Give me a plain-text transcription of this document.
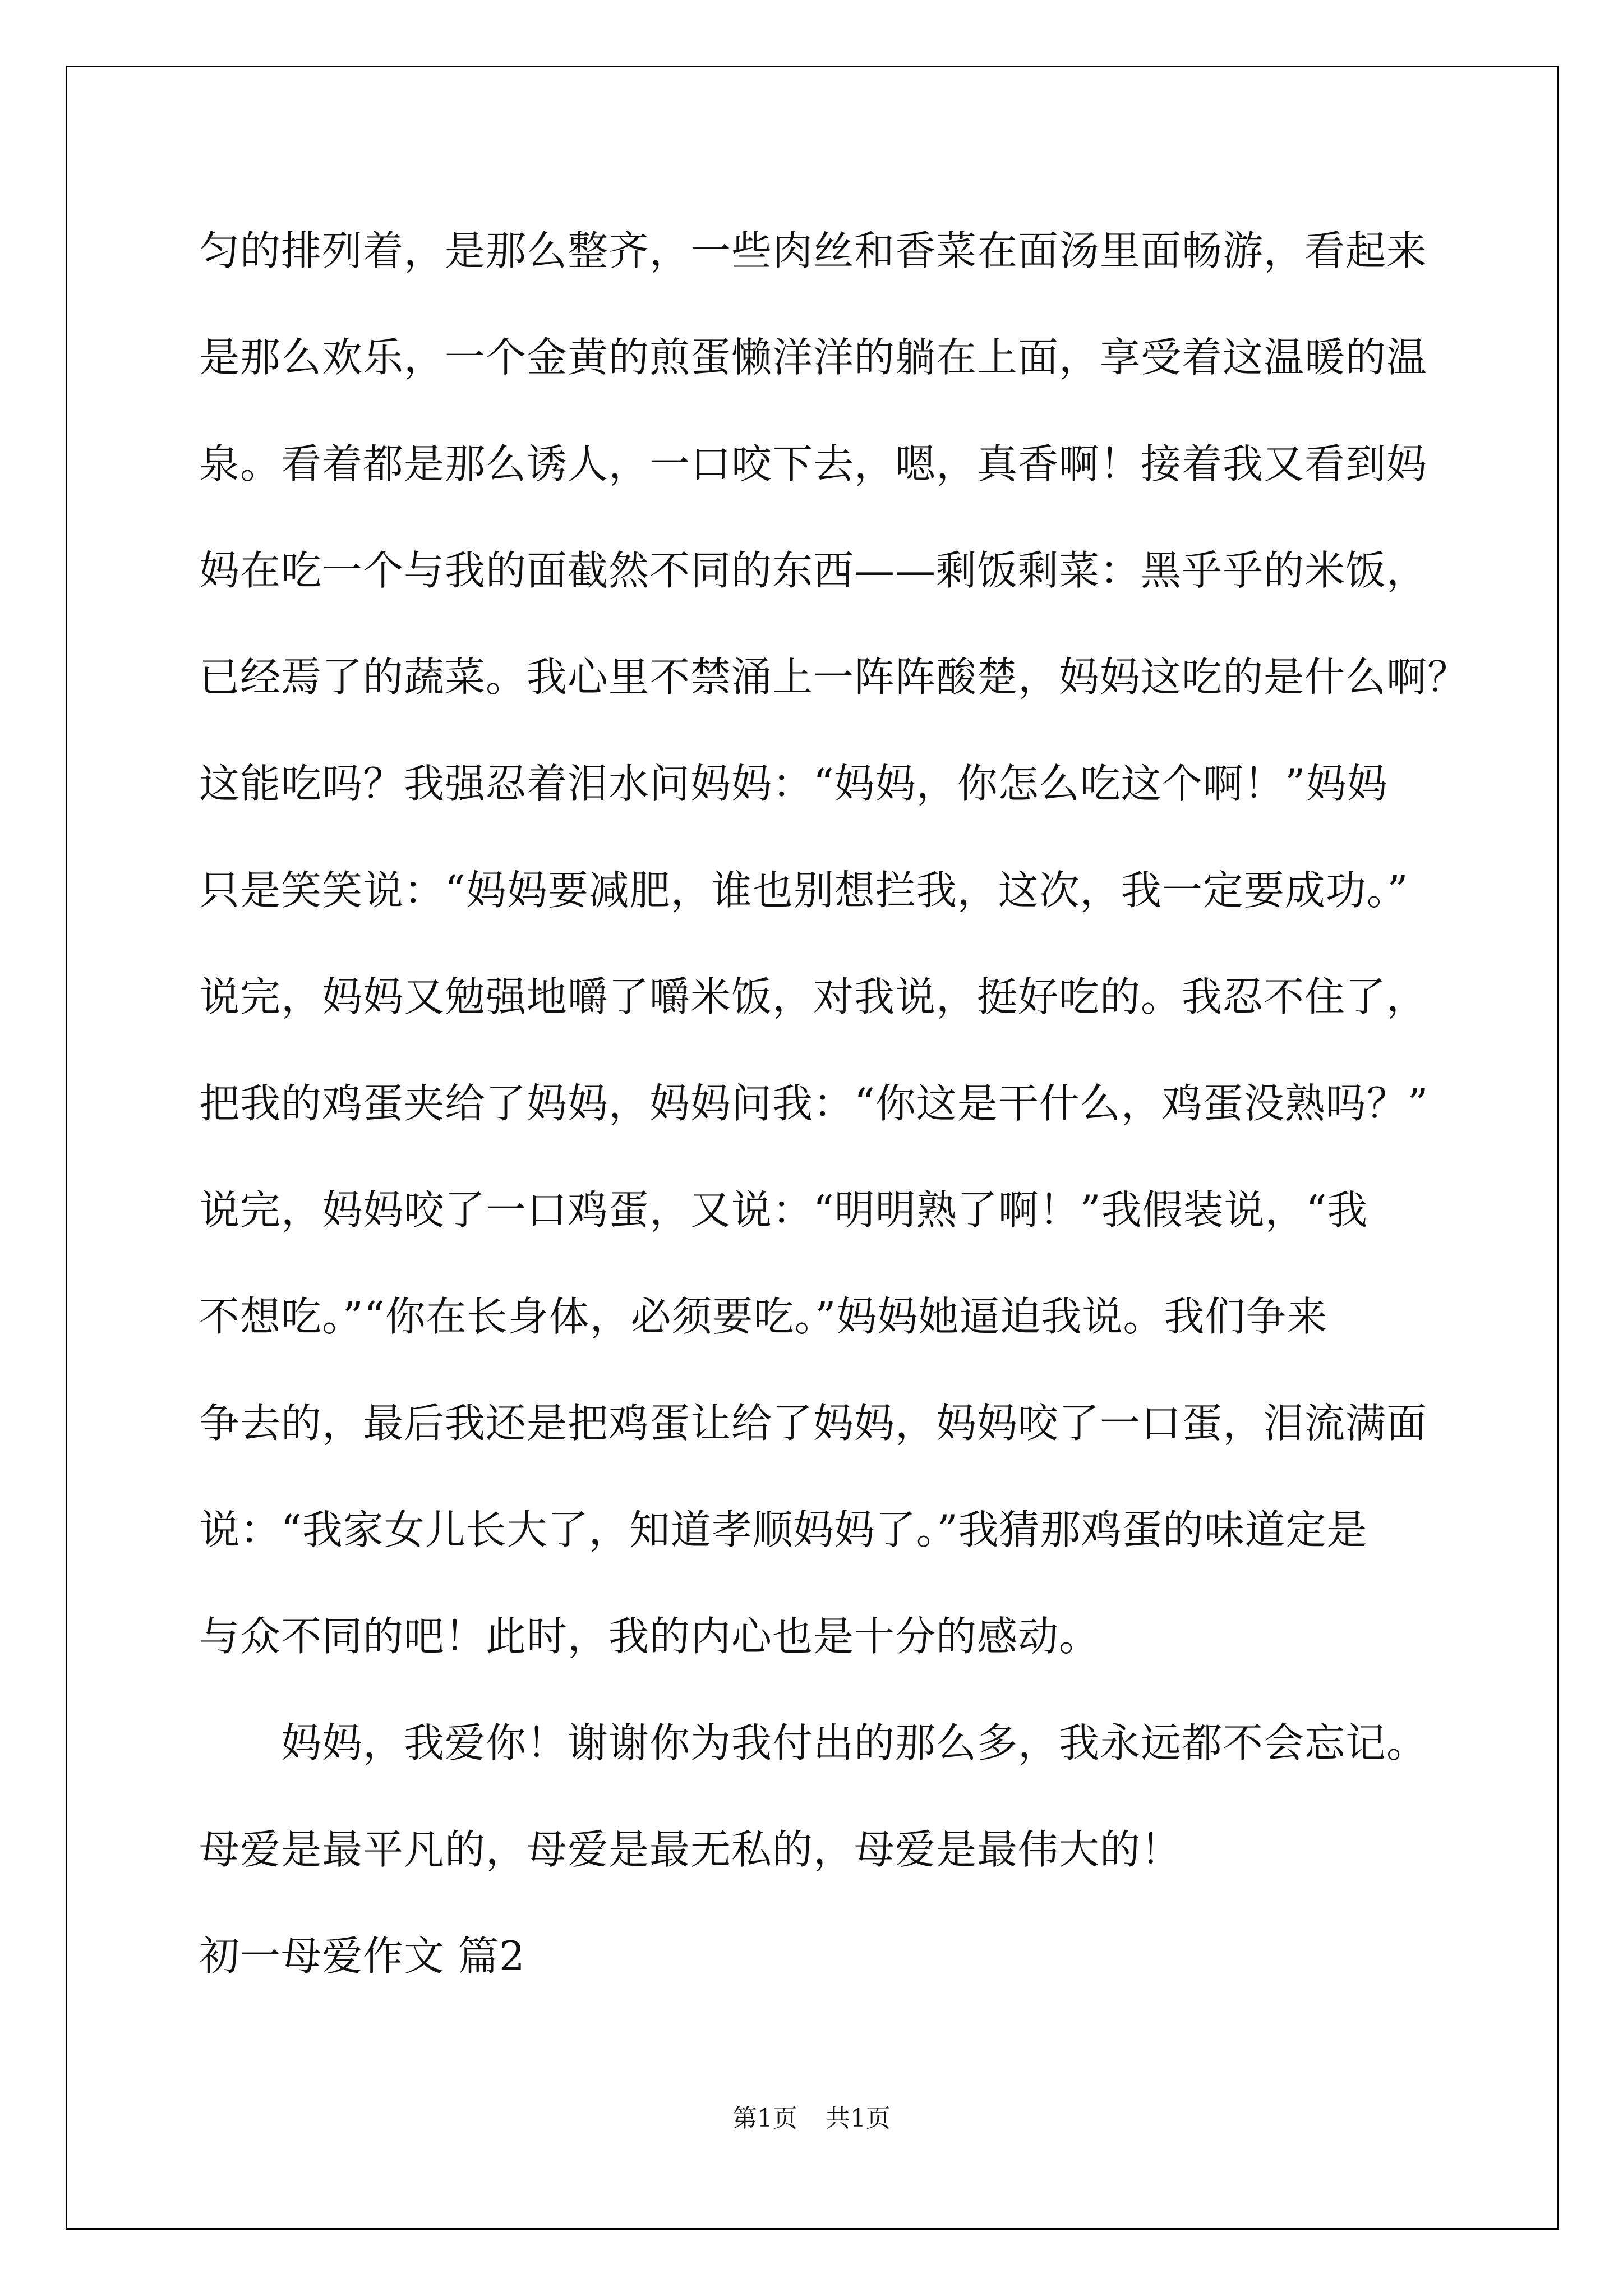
匀的排列着，是那么整齐，一些肉丝和香菜在面汤里面畅游，看起来
是那么欢乐，一个金黄的煎蛋懒洋洋的躺在上面，享受着这温暖的温
泉。看着都是那么诱人，一口咬下去，嗯，真香啊！接着我又看到妈
妈在吃一个与我的面截然不同的东西——剩饭剩菜：黑乎乎的米饭，
已经焉了的蔬菜。我心里不禁涌上一阵阵酸楚，妈妈这吃的是什么啊？
这能吃吗？我强忍着泪水问妈妈：“妈妈，你怎么吃这个啊！”妈妈
只是笑笑说：“妈妈要减肥，谁也别想拦我，这次，我一定要成功。”
说完，妈妈又勉强地嚼了嚼米饭，对我说，挺好吃的。我忍不住了，
把我的鸡蛋夹给了妈妈，妈妈问我：“你这是干什么，鸡蛋没熟吗？”
说完，妈妈咬了一口鸡蛋，又说：“明明熟了啊！”我假装说，“我
不想吃。”“你在长身体，必须要吃。”妈妈她逼迫我说。我们争来
争去的，最后我还是把鸡蛋让给了妈妈，妈妈咬了一口蛋，泪流满面
说：“我家女儿长大了，知道孝顺妈妈了。”我猜那鸡蛋的味道定是
与众不同的吧！此时，我的内心也是十分的感动。
　　妈妈，我爱你！谢谢你为我付出的那么多，我永远都不会忘记。
母爱是最平凡的，母爱是最无私的，母爱是最伟大的！
初一母爱作文 篇2
第1页 共1页
